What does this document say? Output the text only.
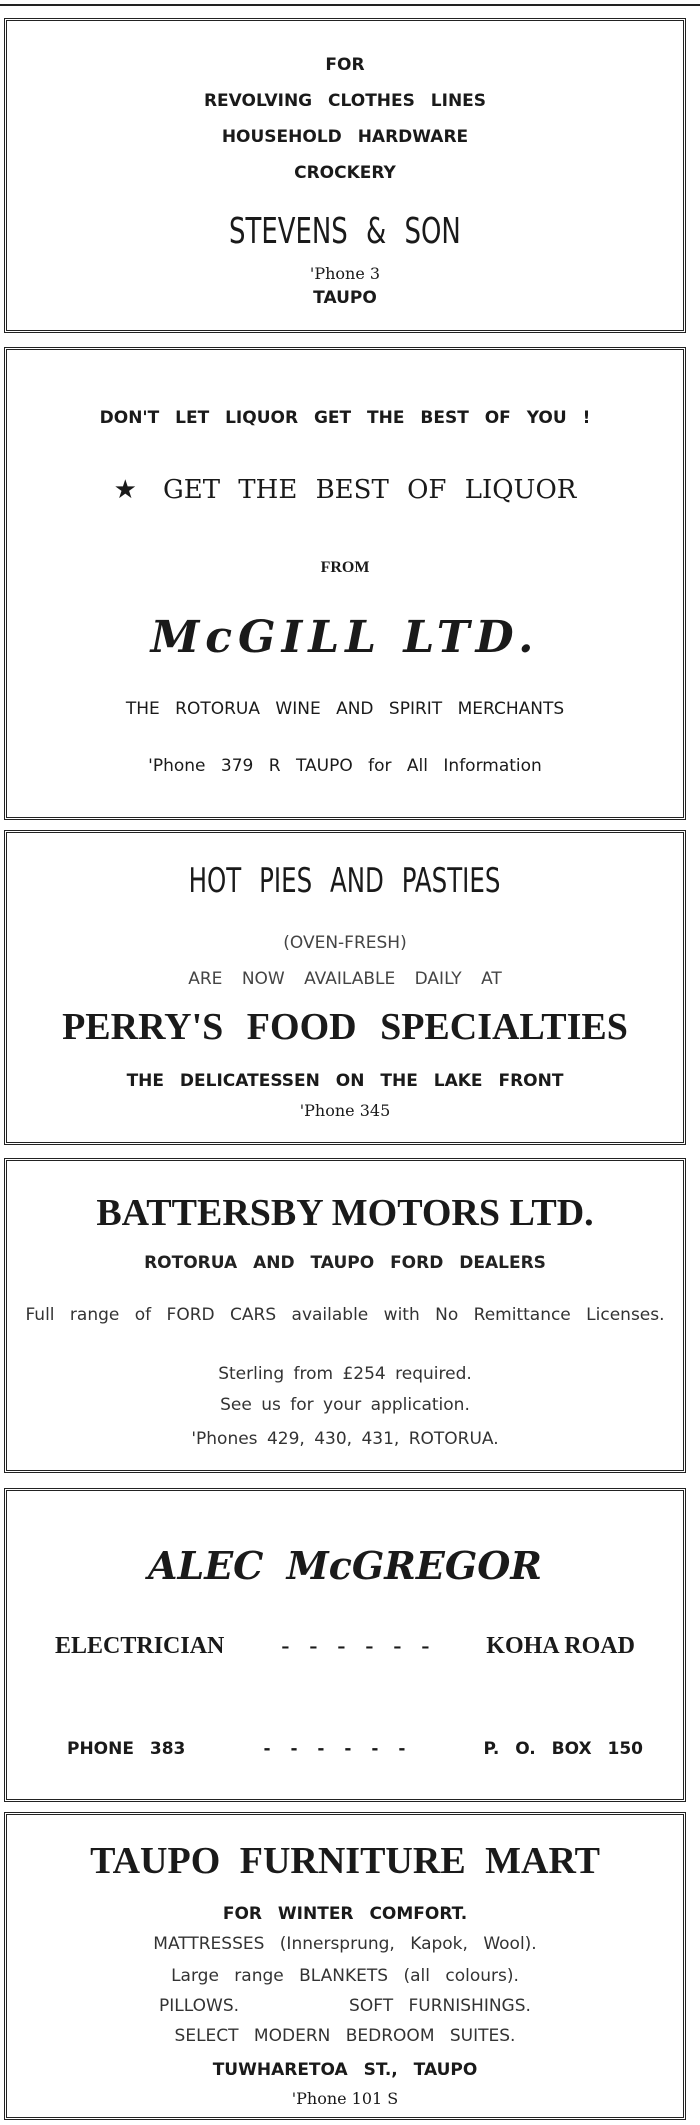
FOR
REVOLVING CLOTHES LINES
HOUSEHOLD HARDWARE
CROCKERY
STEVENS & SON
'Phone 3
TAUPO
DON'T LET LIQUOR GET THE BEST OF YOU !
★ GET THE BEST OF LIQUOR
FROM
McGILL LTD.
THE ROTORUA WINE AND SPIRIT MERCHANTS
'Phone 379 R TAUPO for All Information
HOT PIES AND PASTIES
(OVEN-FRESH)
ARE NOW AVAILABLE DAILY AT
PERRY'S FOOD SPECIALTIES
THE DELICATESSEN ON THE LAKE FRONT
'Phone 345
BATTERSBY MOTORS LTD.
ROTORUA AND TAUPO FORD DEALERS
Full range of FORD CARS available with No Remittance Licenses.
Sterling from £254 required.
See us for your application.
'Phones 429, 430, 431, ROTORUA.
ALEC McGREGOR
ELECTRICIAN - - - - - - KOHA ROAD
PHONE 383	- - - - - -	P. O. BOX 150
TAUPO FURNITURE MART
FOR WINTER COMFORT.
MATTRESSES (Innersprung, Kapok, Wool).
Large range BLANKETS (all colours).
PILLOWS.	SOFT FURNISHINGS.
SELECT MODERN BEDROOM SUITES.
TUWHARETOA ST., TAUPO
'Phone 101 S
